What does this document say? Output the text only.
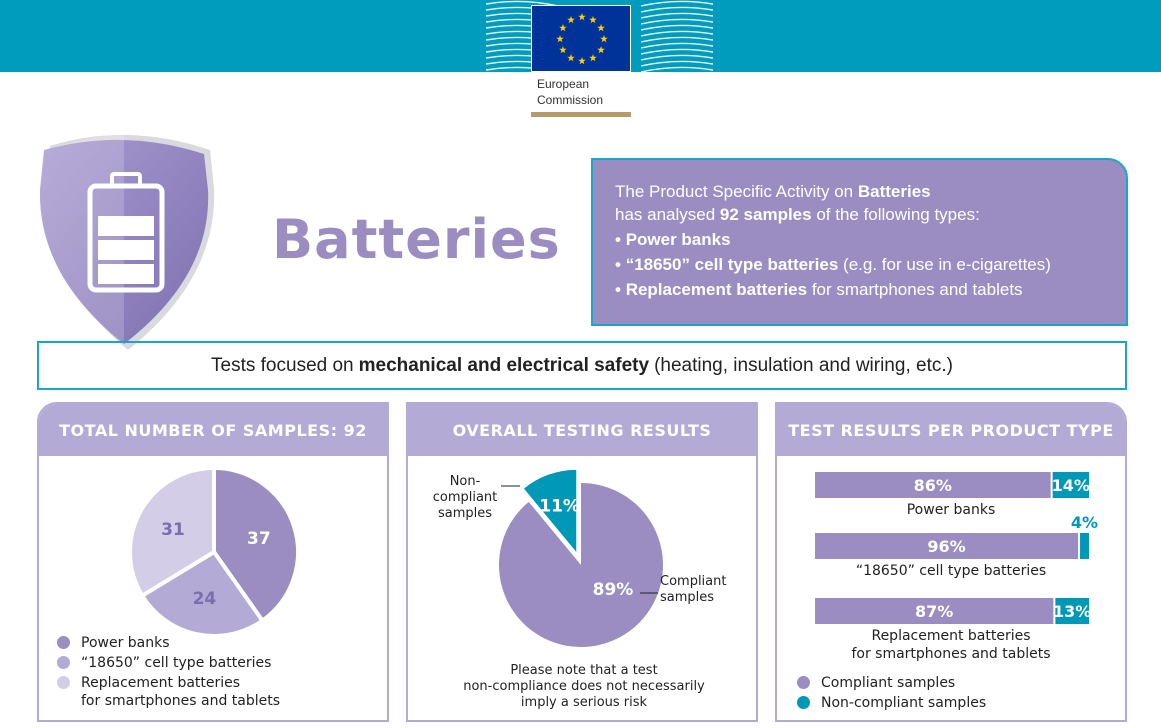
European
Commission
Batteries
The Product Specific Activity on Batteries
has analysed 92 samples of the following types:
• Power banks
• “18650” cell type batteries (e.g. for use in e-cigarettes)
• Replacement batteries for smartphones and tablets
Tests focused on mechanical and electrical safety (heating, insulation and wiring, etc.)
TOTAL NUMBER OF SAMPLES: 92
37
24
31
Power banks
“18650” cell type batteries
Replacement batteries
for smartphones and tablets
OVERALL TESTING RESULTS
89%
11%
Non-
compliant
samples
Compliant
samples
Please note that a test
non-compliance does not necessarily
imply a serious risk
TEST RESULTS PER PRODUCT TYPE
86%	14%
96%
4%
87%	13%
Power banks
“18650” cell type batteries
Replacement batteries
for smartphones and tablets
Compliant samples
Non-compliant samples
